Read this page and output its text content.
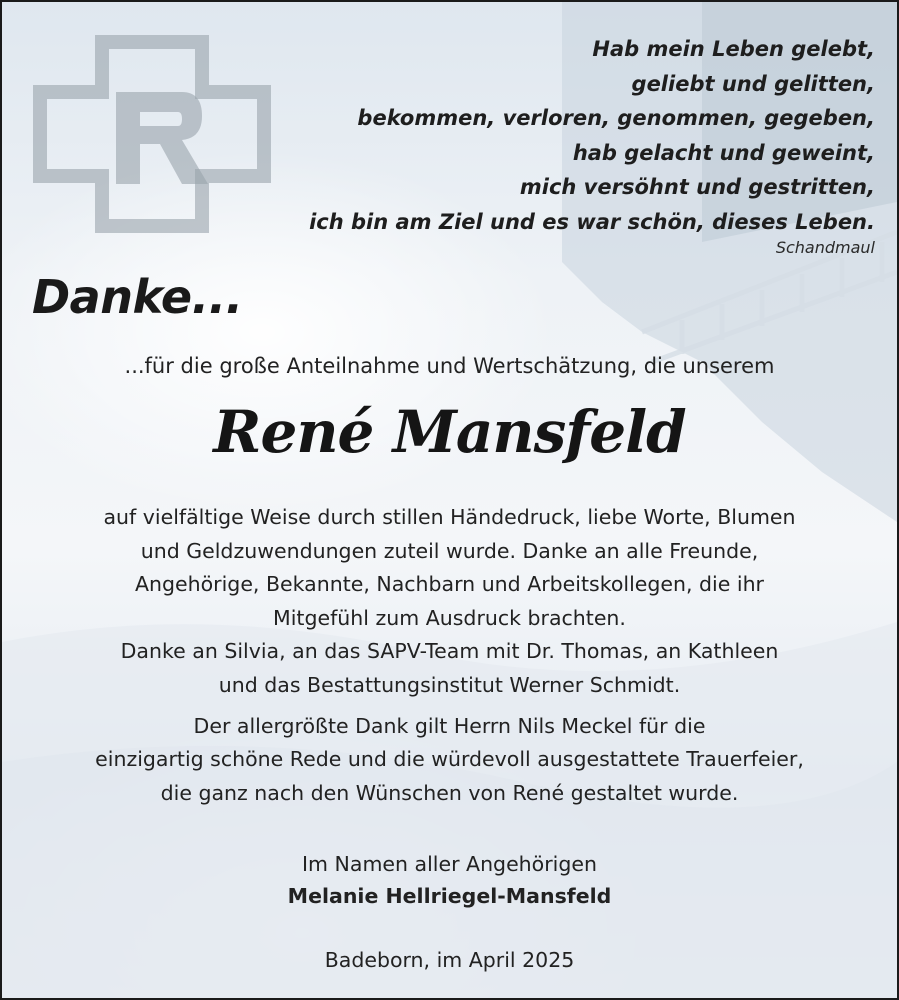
Hab mein Leben gelebt,
geliebt und gelitten,
bekommen, verloren, genommen, gegeben,
hab gelacht und geweint,
mich versöhnt und gestritten,
ich bin am Ziel und es war schön, dieses Leben.
Schandmaul
Danke...
...für die große Anteilnahme und Wertschätzung, die unserem
René Mansfeld
auf vielfältige Weise durch stillen Händedruck, liebe Worte, Blumen
und Geldzuwendungen zuteil wurde. Danke an alle Freunde,
Angehörige, Bekannte, Nachbarn und Arbeitskollegen, die ihr
Mitgefühl zum Ausdruck brachten.
Danke an Silvia, an das SAPV-Team mit Dr. Thomas, an Kathleen
und das Bestattungsinstitut Werner Schmidt.
Der allergrößte Dank gilt Herrn Nils Meckel für die
einzigartig schöne Rede und die würdevoll ausgestattete Trauerfeier,
die ganz nach den Wünschen von René gestaltet wurde.
Im Namen aller Angehörigen
Melanie Hellriegel-Mansfeld
Badeborn, im April 2025
